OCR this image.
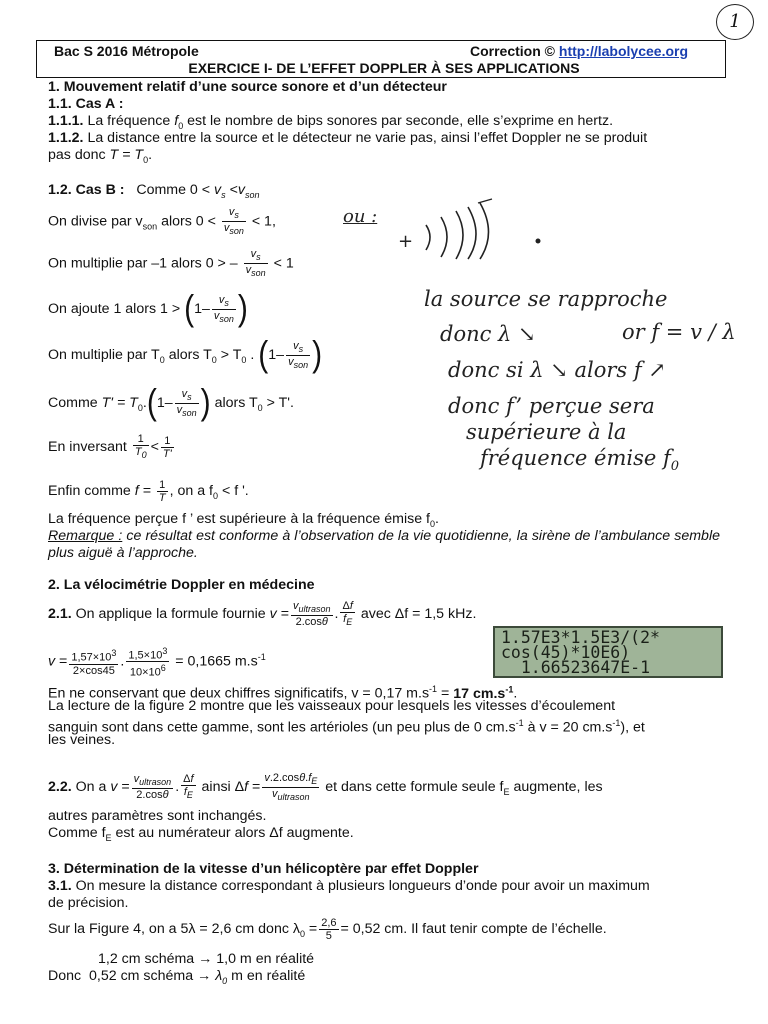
1
Bac S 2016 Métropole	Correction © http://labolycee.org
EXERCICE I- DE L’EFFET DOPPLER À SES APPLICATIONS
1. Mouvement relatif d’une source sonore et d’un détecteur
1.1. Cas A :
1.1.1. La fréquence $f_0$ est le nombre de bips sonores par seconde, elle s’exprime en hertz.
1.1.2. La distance entre la source et le détecteur ne varie pas, ainsi l’effet Doppler ne se produit
pas donc $T = T_0$.
1.2. Cas B : Comme $0 < v_s <v_{son}$
On divise par $v_{son}$ alors $0 < \frac{v_s}{v_{son}} < 1$,
On multiplie par –1 alors 0 > – $\frac{v_s}{v_{son}} < 1$
On ajoute 1 alors $1 > (1- \frac{v_s}{v_{son}}$ )
On multiplie par $T_0$ alors $T_0 > T_0$ . ($1- \frac{v_s}{v_{son}}$ )
Comme $T' = T_0.(1- \frac{v_s}{v_{son}}$ ) alors $T_0 > T'$.
En inversant $\frac{1}{T_0} < \frac{1}{T'}$
Enfin comme $f = \frac{1}{T}$ , on a $f_0 < f$ '.
La fréquence perçue f ’ est supérieure à la fréquence émise $f_0$.
Remarque : ce résultat est conforme à l’observation de la vie quotidienne, la sirène de l’ambulance semble plus aiguë à l’approche.
ou :
+
la source se rapproche
donc λ ↘	or f = v / λ
donc si λ ↘ alors f ↗
donc f’ perçue sera
supérieure à la
fréquence émise $f_0$
2. La vélocimétrie Doppler en médecine
2.1. On applique la formule fournie $v = \frac{v_{ultrason}}{2.\cos\theta}$ . $\frac{\Delta f}{f_E}$ avec Δf = 1,5 kHz.
$v = \frac{1,57\times 10^3}{2\times\cos 45}$ . $\frac{1,5\times 10^3}{10\times 10^6} = 0,1665$ $m.s^{-1}$
1.57E3*1.5E3/(2*
cos(45)*10E6)
1.66523647E-1
En ne conservant que deux chiffres significatifs, v = 0,17 $m.s^{-1} = 17$ $cm.s^{-1}$.
La lecture de la figure 2 montre que les vaisseaux pour lesquels les vitesses d’écoulement
sanguin sont dans cette gamme, sont les artérioles (un peu plus de 0 $cm.s^{-1}$ à v = 20 $cm.s^{-1}$), et
les veines.
2.2. On a $v = \frac{v_{ultrason}}{2.\cos\theta}$ . $\frac{\Delta f}{f_E}$ ainsi $\Delta f = \frac{v.2.\cos\theta.f_E}{v_{ultrason}}$ et dans cette formule seule $f_E$ augmente, les
autres paramètres sont inchangés.
Comme $f_E$ est au numérateur alors Δf augmente.
3. Détermination de la vitesse d’un hélicoptère par effet Doppler
3.1. On mesure la distance correspondant à plusieurs longueurs d’onde pour avoir un maximum
de précision.
Sur la Figure 4, on a 5λ = 2,6 cm donc $\lambda_0 = \frac{2,6}{5} = 0,52$ cm. Il faut tenir compte de l’échelle.
1,2 cm schéma → 1,0 m en réalité
Donc 0,52 cm schéma → $\lambda_0$ m en réalité
